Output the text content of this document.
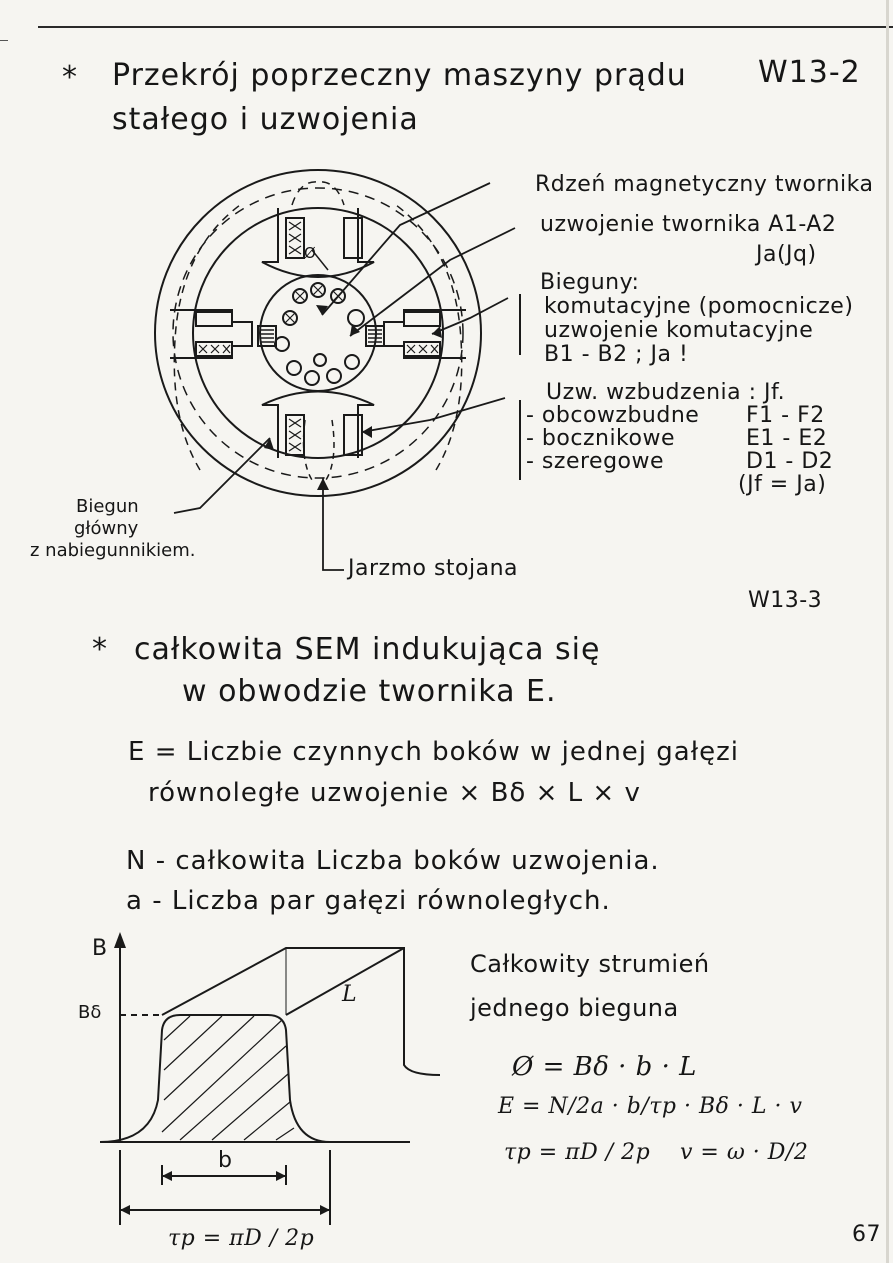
* Przekrój poprzeczny maszyny prądu
stałego i uzwojenia
W13-2
Ø
Rdzeń magnetyczny twornika
uzwojenie twornika A1-A2
Ja(Jq)
Bieguny:
komutacyjne (pomocnicze)
uzwojenie komutacyjne
B1 - B2 ; Ja !
Uzw. wzbudzenia : Jf.
- obcowzbudne F1 - F2
- bocznikowe	E1 - E2
- szeregowe	D1 - D2
(Jf = Ja)
Biegun
główny
z nabiegunnikiem.
Jarzmo stojana
W13-3
* całkowita SEM indukująca się
w obwodzie twornika E.
E = Liczbie czynnych boków w jednej gałęzi
równoległe uzwojenie × Bδ × L × v
N - całkowita Liczba boków uzwojenia.
a - Liczba par gałęzi równoległych.
B
Bδ
L
b
τp = πD / 2p
Całkowity strumień
jednego bieguna
Ø = Bδ · b · L
E = N/2a · b/τp · Bδ · L · v
τp = πD / 2p v = ω · D/2
67
